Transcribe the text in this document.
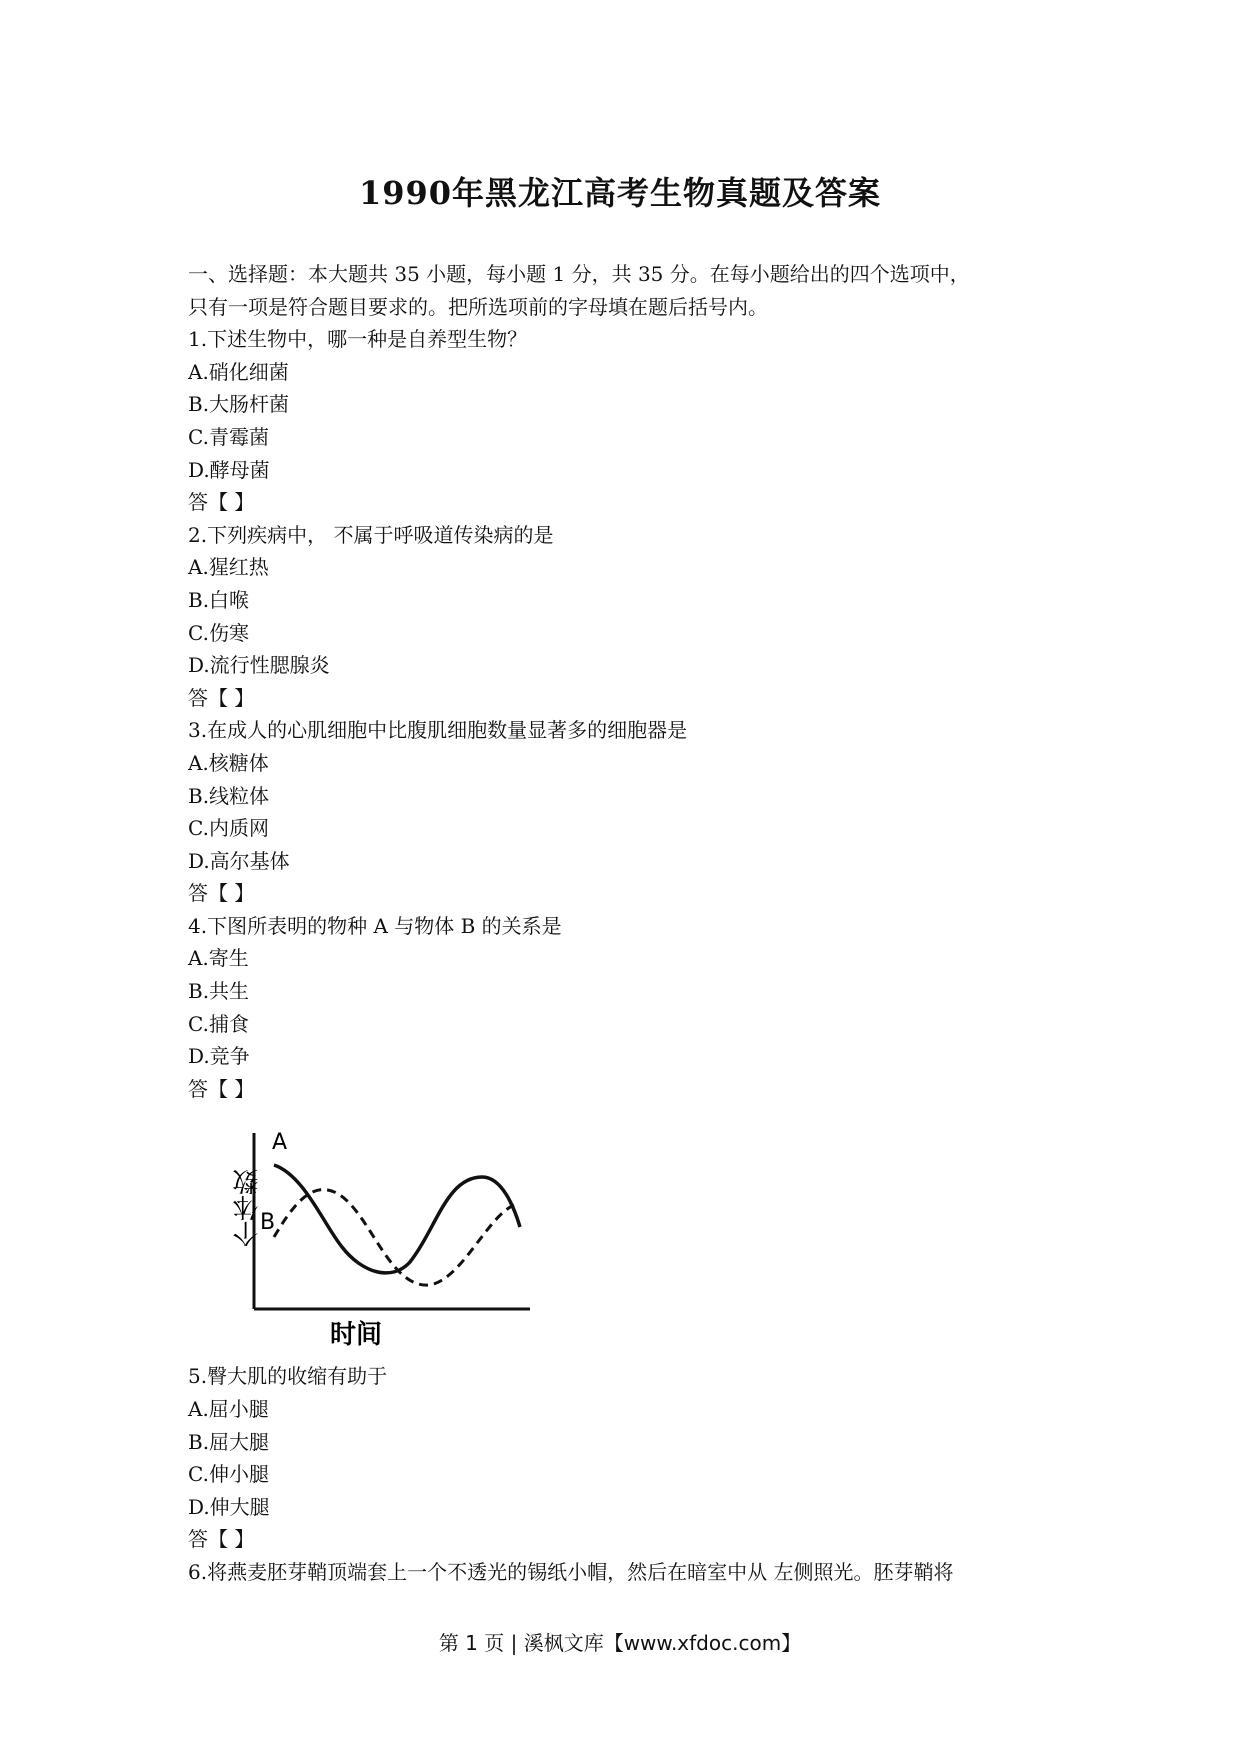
1990年黑龙江高考生物真题及答案
一、选择题：本大题共 35 小题，每小题 1 分，共 35 分。在每小题给出的四个选项中，
只有一项是符合题目要求的。把所选项前的字母填在题后括号内。
1.下述生物中，哪一种是自养型生物？
A.硝化细菌
B.大肠杆菌
C.青霉菌
D.酵母菌
答【 】
2.下列疾病中， 不属于呼吸道传染病的是
A.猩红热
B.白喉
C.伤寒
D.流行性腮腺炎
答【 】
3.在成人的心肌细胞中比腹肌细胞数量显著多的细胞器是
A.核糖体
B.线粒体
C.内质网
D.高尔基体
答【 】
4.下图所表明的物种 A 与物体 B 的关系是
A.寄生
B.共生
C.捕食
D.竞争
答【 】
A
B
个体数
时间
5.臀大肌的收缩有助于
A.屈小腿
B.屈大腿
C.伸小腿
D.伸大腿
答【 】
6.将燕麦胚芽鞘顶端套上一个不透光的锡纸小帽，然后在暗室中从 左侧照光。胚芽鞘将
第 1 页 | 溪枫文库【www.xfdoc.com】
